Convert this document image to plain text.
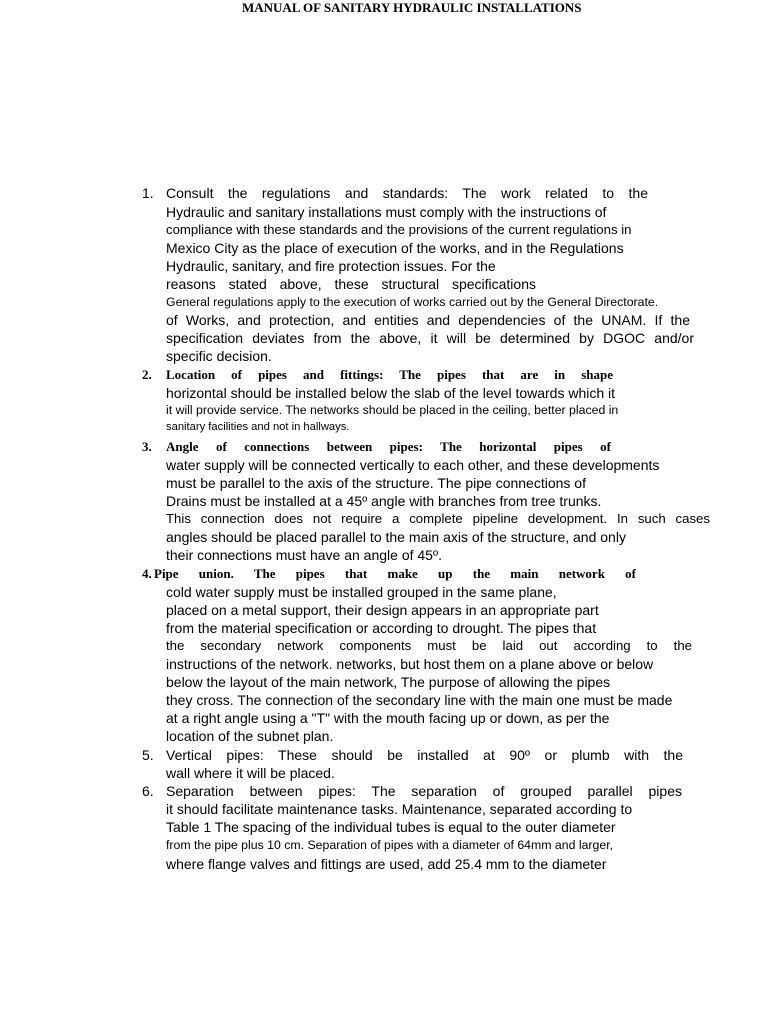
MANUAL OF SANITARY HYDRAULIC INSTALLATIONS
1. Consult the regulations and standards: The work related to the
Hydraulic and sanitary installations must comply with the instructions of
compliance with these standards and the provisions of the current regulations in
Mexico City as the place of execution of the works, and in the Regulations
Hydraulic, sanitary, and fire protection issues. For the
reasons stated above, these structural specifications
General regulations apply to the execution of works carried out by the General Directorate.
of Works, and protection, and entities and dependencies of the UNAM. If the
specification deviates from the above, it will be determined by DGOC and/or
specific decision.
2. Location of pipes and fittings: The pipes that are in shape
horizontal should be installed below the slab of the level towards which it
it will provide service. The networks should be placed in the ceiling, better placed in
sanitary facilities and not in hallways.
3. Angle of connections between pipes: The horizontal pipes of
water supply will be connected vertically to each other, and these developments
must be parallel to the axis of the structure. The pipe connections of
Drains must be installed at a 45º angle with branches from tree trunks.
This connection does not require a complete pipeline development. In such cases
angles should be placed parallel to the main axis of the structure, and only
their connections must have an angle of 45º.
4. Pipe union. The pipes that make up the main network of
cold water supply must be installed grouped in the same plane,
placed on a metal support, their design appears in an appropriate part
from the material specification or according to drought. The pipes that
the secondary network components must be laid out according to the
instructions of the network. networks, but host them on a plane above or below
below the layout of the main network, The purpose of allowing the pipes
they cross. The connection of the secondary line with the main one must be made
at a right angle using a "T" with the mouth facing up or down, as per the
location of the subnet plan.
5. Vertical pipes: These should be installed at 90º or plumb with the
wall where it will be placed.
6. Separation between pipes: The separation of grouped parallel pipes
it should facilitate maintenance tasks. Maintenance, separated according to
Table 1 The spacing of the individual tubes is equal to the outer diameter
from the pipe plus 10 cm. Separation of pipes with a diameter of 64mm and larger,
where flange valves and fittings are used, add 25.4 mm to the diameter
